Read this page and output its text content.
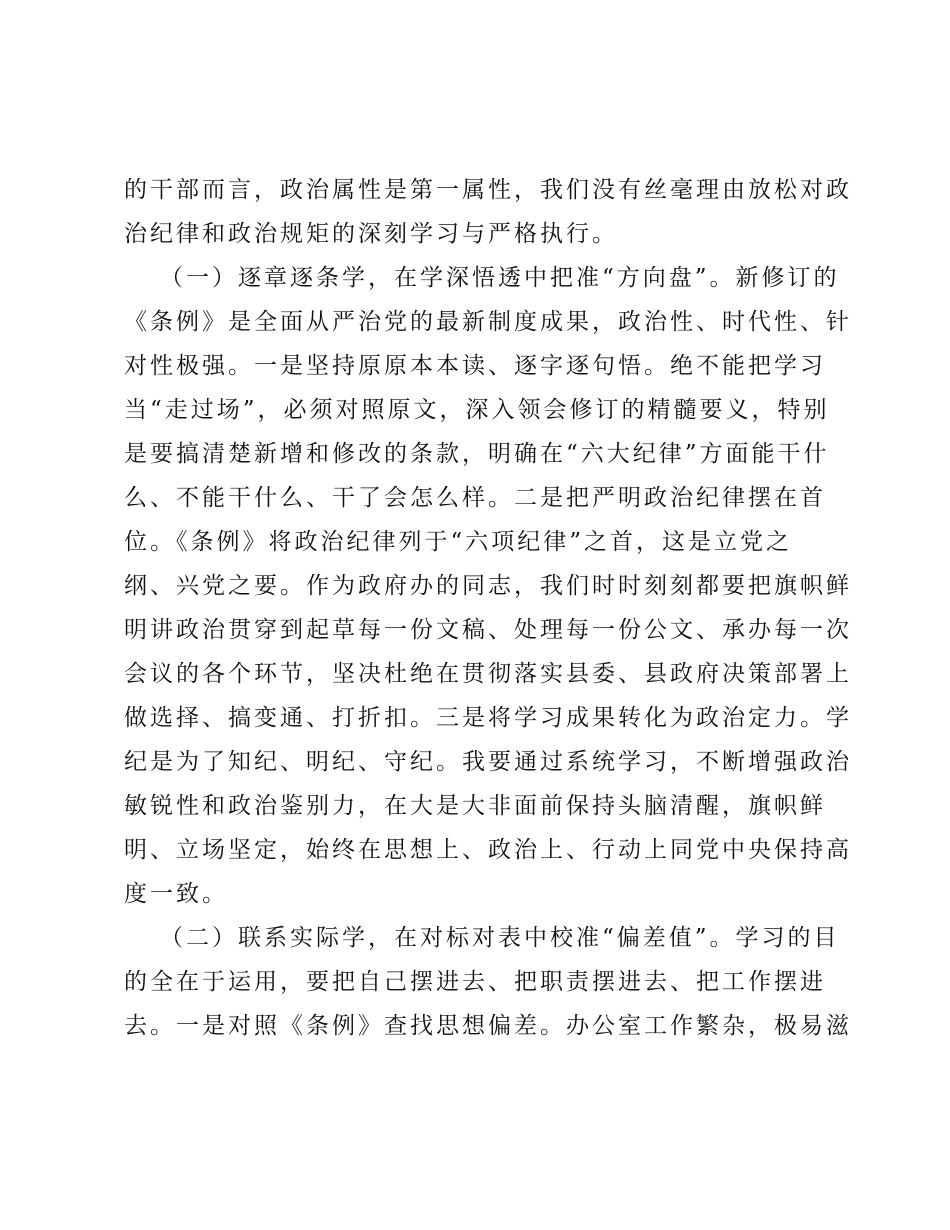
的干部而言，政治属性是第一属性，我们没有丝毫理由放松对政
治纪律和政治规矩的深刻学习与严格执行。
（一）逐章逐条学，在学深悟透中把准“方向盘”。新修订的
《条例》是全面从严治党的最新制度成果，政治性、时代性、针
对性极强。一是坚持原原本本读、逐字逐句悟。绝不能把学习
当“走过场”，必须对照原文，深入领会修订的精髓要义，特别
是要搞清楚新增和修改的条款，明确在“六大纪律”方面能干什
么、不能干什么、干了会怎么样。二是把严明政治纪律摆在首
位。《条例》将政治纪律列于“六项纪律”之首，这是立党之
纲、兴党之要。作为政府办的同志，我们时时刻刻都要把旗帜鲜
明讲政治贯穿到起草每一份文稿、处理每一份公文、承办每一次
会议的各个环节，坚决杜绝在贯彻落实县委、县政府决策部署上
做选择、搞变通、打折扣。三是将学习成果转化为政治定力。学
纪是为了知纪、明纪、守纪。我要通过系统学习，不断增强政治
敏锐性和政治鉴别力，在大是大非面前保持头脑清醒，旗帜鲜
明、立场坚定，始终在思想上、政治上、行动上同党中央保持高
度一致。
（二）联系实际学，在对标对表中校准“偏差值”。学习的目
的全在于运用，要把自己摆进去、把职责摆进去、把工作摆进
去。一是对照《条例》查找思想偏差。办公室工作繁杂，极易滋
